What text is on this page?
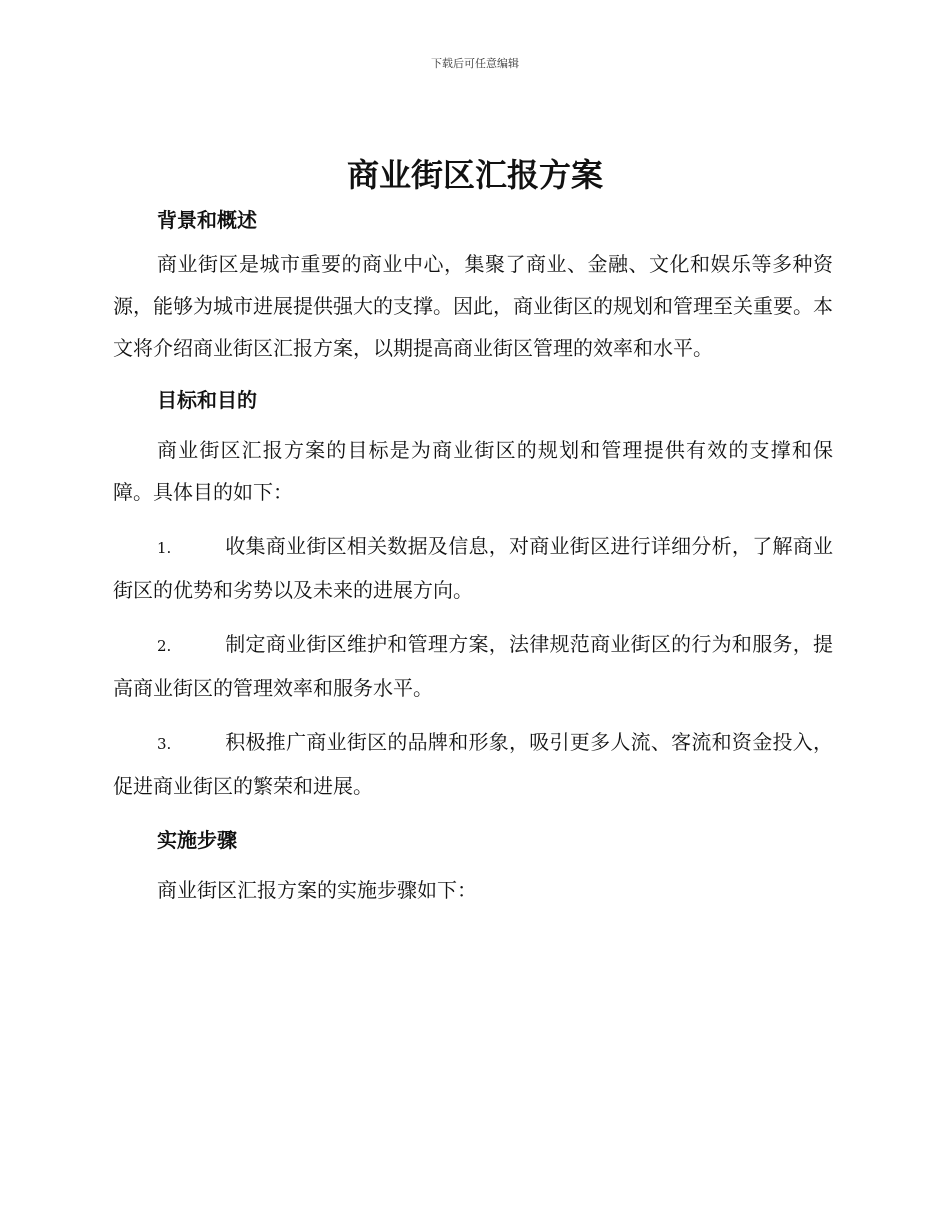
下载后可任意编辑
商业街区汇报方案
背景和概述

商业街区是城市重要的商业中心，集聚了商业、金融、文化和娱乐等多种资源，能够为城市进展提供强大的支撑。因此，商业街区的规划和管理至关重要。本文将介绍商业街区汇报方案，以期提高商业街区管理的效率和水平。

目标和目的

商业街区汇报方案的目标是为商业街区的规划和管理提供有效的支撑和保障。具体目的如下：

1.	收集商业街区相关数据及信息，对商业街区进行详细分析，了解商业街区的优势和劣势以及未来的进展方向。

2.	制定商业街区维护和管理方案，法律规范商业街区的行为和服务，提高商业街区的管理效率和服务水平。

3.	积极推广商业街区的品牌和形象，吸引更多人流、客流和资金投入，促进商业街区的繁荣和进展。

实施步骤

商业街区汇报方案的实施步骤如下：
